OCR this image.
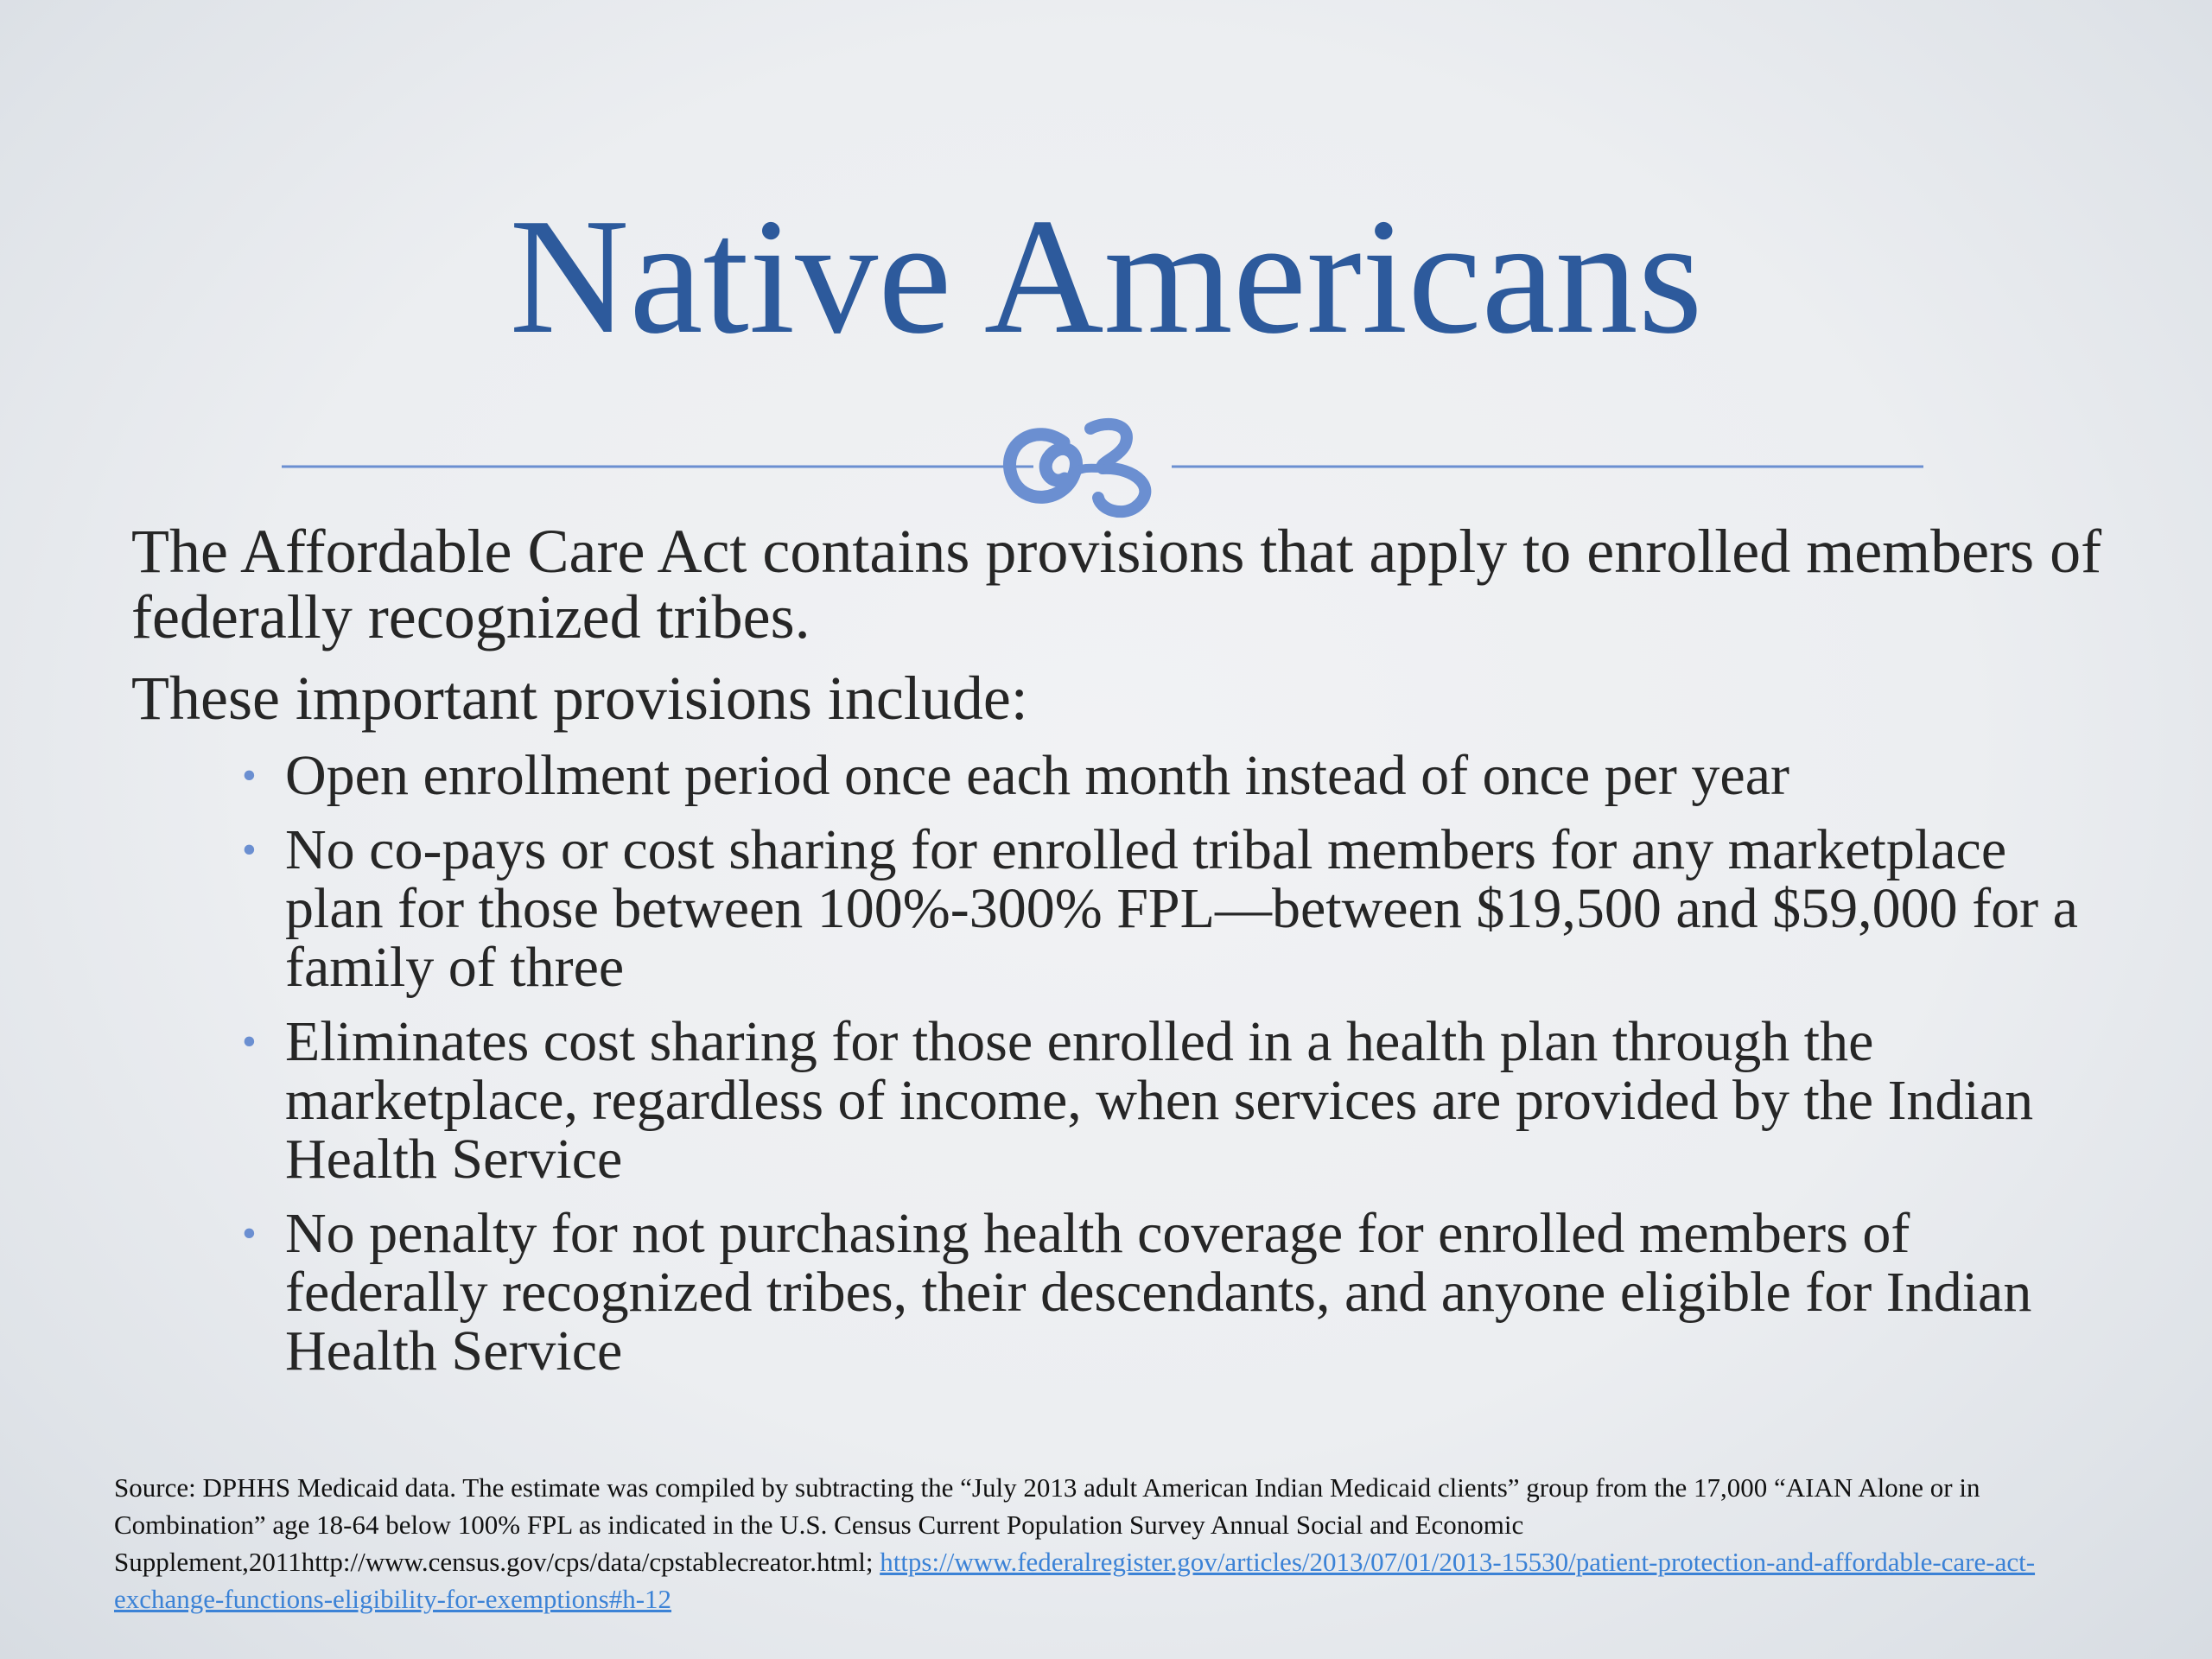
Native Americans

The Affordable Care Act contains provisions that apply to enrolled members of federally recognized tribes.

These important provisions include:

• Open enrollment period once each month instead of once per year
• No co-pays or cost sharing for enrolled tribal members for any marketplace plan for those between 100%-300% FPL—between $19,500 and $59,000 for a family of three
• Eliminates cost sharing for those enrolled in a health plan through the marketplace, regardless of income, when services are provided by the Indian Health Service
• No penalty for not purchasing health coverage for enrolled members of federally recognized tribes, their descendants, and anyone eligible for Indian Health Service
Source: DPHHS Medicaid data. The estimate was compiled by subtracting the “July 2013 adult American Indian Medicaid clients” group from the 17,000 “AIAN Alone or in Combination” age 18-64 below 100% FPL as indicated in the U.S. Census Current Population Survey Annual Social and Economic Supplement,2011http://www.census.gov/cps/data/cpstablecreator.html; https://www.federalregister.gov/articles/2013/07/01/2013-15530/patient-protection-and-affordable-care-act-exchange-functions-eligibility-for-exemptions#h-12
